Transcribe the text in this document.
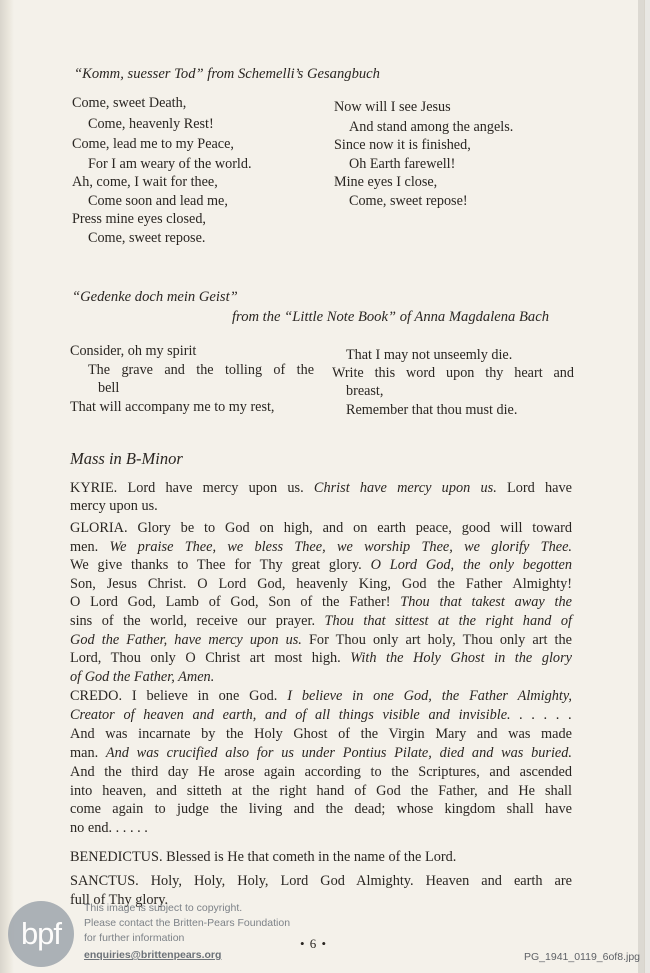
“Komm, suesser Tod” from Schemelli’s Gesangbuch
Come, sweet Death,
Come, heavenly Rest!
Come, lead me to my Peace,
For I am weary of the world.
Ah, come, I wait for thee,
Come soon and lead me,
Press mine eyes closed,
Come, sweet repose.
Now will I see Jesus
And stand among the angels.
Since now it is finished,
Oh Earth farewell!
Mine eyes I close,
Come, sweet repose!
“Gedenke doch mein Geist”
from the “Little Note Book” of Anna Magdalena Bach
Consider, oh my spirit
The grave and the tolling of the
bell
That will accompany me to my rest,
That I may not unseemly die.
Write this word upon thy heart and
breast,
Remember that thou must die.
Mass in B-Minor
KYRIE. Lord have mercy upon us. Christ have mercy upon us. Lord have
mercy upon us.
GLORIA. Glory be to God on high, and on earth peace, good will toward
men. We praise Thee, we bless Thee, we worship Thee, we glorify Thee.
We give thanks to Thee for Thy great glory. O Lord God, the only begotten
Son, Jesus Christ. O Lord God, heavenly King, God the Father Almighty!
O Lord God, Lamb of God, Son of the Father! Thou that takest away the
sins of the world, receive our prayer. Thou that sittest at the right hand of
God the Father, have mercy upon us. For Thou only art holy, Thou only art the
Lord, Thou only O Christ art most high. With the Holy Ghost in the glory
of God the Father, Amen.
CREDO. I believe in one God. I believe in one God, the Father Almighty,
Creator of heaven and earth, and of all things visible and invisible. . . . . .
And was incarnate by the Holy Ghost of the Virgin Mary and was made
man. And was crucified also for us under Pontius Pilate, died and was buried.
And the third day He arose again according to the Scriptures, and ascended
into heaven, and sitteth at the right hand of God the Father, and He shall
come again to judge the living and the dead; whose kingdom shall have
no end. . . . . .
BENEDICTUS. Blessed is He that cometh in the name of the Lord.
SANCTUS. Holy, Holy, Holy, Lord God Almighty. Heaven and earth are
full of Thy glory.
• 6 •
bpf
This image is subject to copyright.
Please contact the Britten-Pears Foundation
for further information
enquiries@brittenpears.org	PG_1941_0119_6of8.jpg
